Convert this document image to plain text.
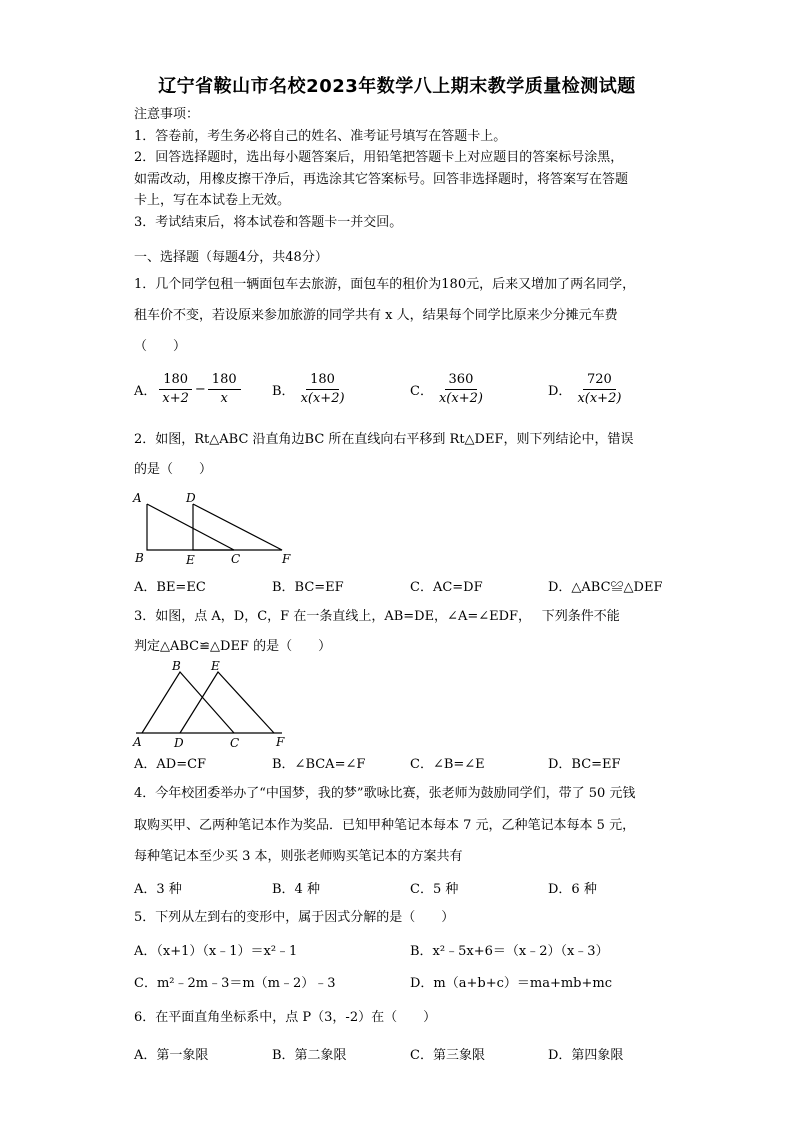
辽宁省鞍山市名校2023年数学八上期末教学质量检测试题
注意事项：
1．答卷前，考生务必将自己的姓名、准考证号填写在答题卡上。
2．回答选择题时，选出每小题答案后，用铅笔把答题卡上对应题目的答案标号涂黑，
如需改动，用橡皮擦干净后，再选涂其它答案标号。回答非选择题时，将答案写在答题
卡上，写在本试卷上无效。
3．考试结束后，将本试卷和答题卡一并交回。
一、选择题（每题4分，共48分）
1．几个同学包租一辆面包车去旅游，面包车的租价为180元，后来又增加了两名同学，
租车价不变，若设原来参加旅游的同学共有 x 人，结果每个同学比原来少分摊元车费
（　　）
A． $\frac{180}{x+2} - \frac{180}{x}$ B． $\frac{180}{x(x+2)}$	C． $\frac{360}{x(x+2)}$	D． $\frac{720}{x(x+2)}$
2．如图，Rt△ABC 沿直角边BC 所在直线向右平移到 Rt△DEF，则下列结论中，错误
的是（　　）
A	D
B	E	C	F
A．BE=EC	B．BC=EF	C．AC=DF	D．△ABC≌△DEF
3．如图，点 A，D，C，F 在一条直线上，AB=DE，∠A=∠EDF，　 下列条件不能
判定△ABC≌△DEF 的是（　　）
A
B	E
D	C	F
A．AD=CF	B．∠BCA=∠F	C．∠B=∠E	D．BC=EF
4．今年校团委举办了“中国梦，我的梦”歌咏比赛，张老师为鼓励同学们，带了 50 元钱
取购买甲、乙两种笔记本作为奖品．已知甲种笔记本每本 7 元，乙种笔记本每本 5 元，
每种笔记本至少买 3 本，则张老师购买笔记本的方案共有
A．3 种	B．4 种	C．5 种	D．6 种
5．下列从左到右的变形中，属于因式分解的是（　　）
A．（x+1）（x﹣1）＝x²﹣1	B．x²﹣5x+6＝（x﹣2）（x﹣3）
C．m²﹣2m﹣3＝m（m﹣2）﹣3	D．m（a+b+c）＝ma+mb+mc
6．在平面直角坐标系中，点 P（3，-2）在（　　）
A．第一象限	B．第二象限	C．第三象限	D．第四象限
